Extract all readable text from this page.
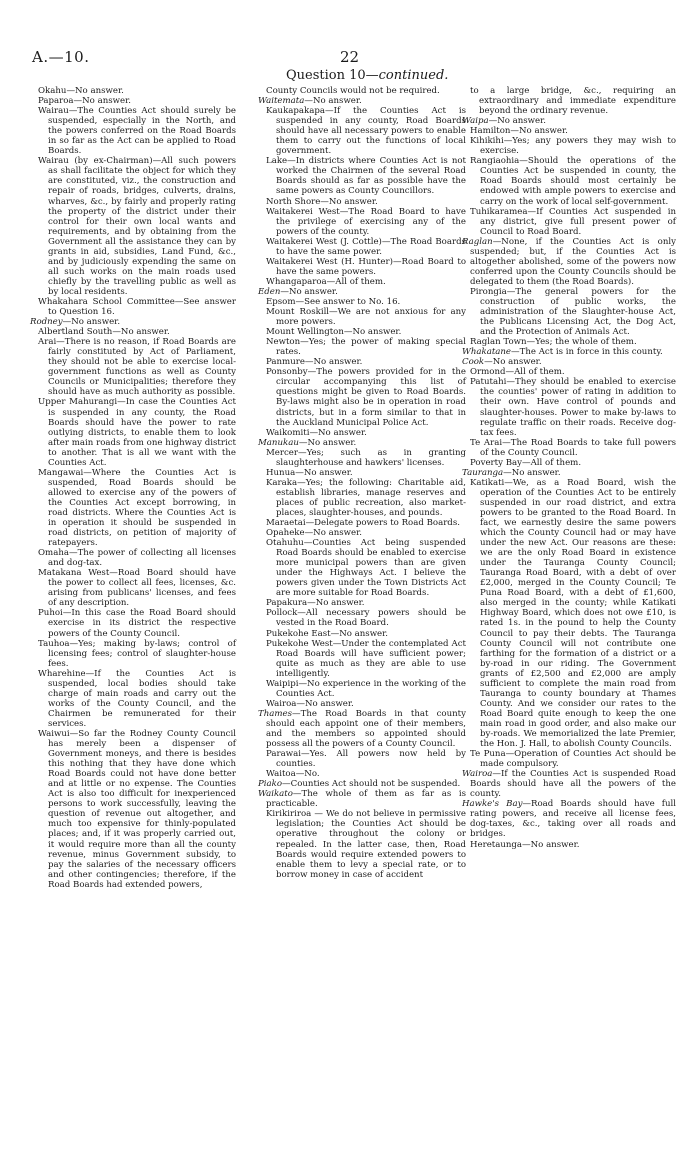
A.—10.	22
Question 10—continued.

Okahu—No answer.

Paparoa—No answer.

Wairau—The Counties Act should surely be suspended, especially in the North, and the powers conferred on the Road Boards in so far as the Act can be applied to Road Boards.

Wairau (by ex-Chairman)—All such powers as shall facilitate the object for which they are constituted, viz., the construction and repair of roads, bridges, culverts, drains, wharves, &c., by fairly and properly rating the property of the district under their control for their own local wants and requirements, and by obtaining from the Government all the assistance they can by grants in aid, subsidies, Land Fund, &c., and by judiciously expending the same on all such works on the main roads used chiefly by the travelling public as well as by local residents.

Whakahara School Committee—See answer to Question 16.

Rodney—No answer.

Albertland South—No answer.

Arai—There is no reason, if Road Boards are fairly constituted by Act of Parliament, they should not be able to exercise local-government functions as well as County Councils or Municipalities; therefore they should have as much authority as possible.

Upper Mahurangi—In case the Counties Act is suspended in any county, the Road Boards should have the power to rate outlying districts, to enable them to look after main roads from one highway district to another. That is all we want with the Counties Act.

Mangawai—Where the Counties Act is suspended, Road Boards should be allowed to exercise any of the powers of the Counties Act except borrowing, in road districts. Where the Counties Act is in operation it should be suspended in road districts, on petition of majority of ratepayers.

Omaha—The power of collecting all licenses and dog-tax.

Matakana West—Road Board should have the power to collect all fees, licenses, &c. arising from publicans' licenses, and fees of any description.

Puhoi—In this case the Road Board should exercise in its district the respective powers of the County Council.

Tauhoa—Yes; making by-laws; control of licensing fees; control of slaughter-house fees.

Wharehine—If the Counties Act is suspended, local bodies should take charge of main roads and carry out the works of the County Council, and the Chairmen be remunerated for their services.

Waiwui—So far the Rodney County Council has merely been a dispenser of Government moneys, and there is besides this nothing that they have done which Road Boards could not have done better and at little or no expense. The Counties Act is also too difficult for inexperienced persons to work successfully, leaving the question of revenue out altogether, and much too expensive for thinly-populated places; and, if it was properly carried out, it would require more than all the county revenue, minus Government subsidy, to pay the salaries of the necessary officers and other contingencies; therefore, if the Road Boards had extended powers,

County Councils would not be required.

Waitemata—No answer.

Kaukapakapa—If the Counties Act is suspended in any county, Road Boards should have all necessary powers to enable them to carry out the functions of local government.

Lake—In districts where Counties Act is not worked the Chairmen of the several Road Boards should as far as possible have the same powers as County Councillors.

North Shore—No answer.

Waitakerei West—The Road Board to have the privilege of exercising any of the powers of the county.

Waitakerei West (J. Cottle)—The Road Boards to have the same power.

Waitakerei West (H. Hunter)—Road Board to have the same powers.

Whangaparoa—All of them.

Eden—No answer.

Epsom—See answer to No. 16.

Mount Roskill—We are not anxious for any more powers.

Mount Wellington—No answer.

Newton—Yes; the power of making special rates.

Panmure—No answer.

Ponsonby—The powers provided for in the circular accompanying this list of questions might be given to Road Boards. By-laws might also be in operation in road districts, but in a form similar to that in the Auckland Municipal Police Act.

Waikomiti—No answer.

Manukau—No answer.

Mercer—Yes; such as in granting slaughterhouse and hawkers' licenses.

Hunua—No answer.

Karaka—Yes; the following: Charitable aid, establish libraries, manage reserves and places of public recreation, also market-places, slaughter-houses, and pounds.

Maraetai—Delegate powers to Road Boards.

Opaheke—No answer.

Otahuhu—Counties Act being suspended Road Boards should be enabled to exercise more municipal powers than are given under the Highways Act. I believe the powers given under the Town Districts Act are more suitable for Road Boards.

Papakura—No answer.

Pollock—All necessary powers should be vested in the Road Board.

Pukekohe East—No answer.

Pukekohe West—Under the contemplated Act Road Boards will have sufficient power; quite as much as they are able to use intelligently.

Waipipi—No experience in the working of the Counties Act.

Wairoa—No answer.

Thames—The Road Boards in that county should each appoint one of their members, and the members so appointed should possess all the powers of a County Council.

Parawai—Yes. All powers now held by counties.

Waitoa—No.

Piako—Counties Act should not be suspended.

Waikato—The whole of them as far as is practicable.

Kirikiriroa — We do not believe in permissive legislation; the Counties Act should be operative throughout the colony or repealed. In the latter case, then, Road Boards would require extended powers to enable them to levy a special rate, or to borrow money in case of accident

to a large bridge, &c., requiring an extraordinary and immediate expenditure beyond the ordinary revenue.

Waipa—No answer.

Hamilton—No answer.

Kihikihi—Yes; any powers they may wish to exercise.

Rangiaohia—Should the operations of the Counties Act be suspended in county, the Road Boards should most certainly be endowed with ample powers to exercise and carry on the work of local self-government.

Tuhikaramea—If Counties Act suspended in any district, give full present power of Council to Road Board.

Raglan—None, if the Counties Act is only suspended; but, if the Counties Act is altogether abolished, some of the powers now conferred upon the County Councils should be delegated to them (the Road Boards).

Pirongia—The general powers for the construction of public works, the administration of the Slaughter-house Act, the Publicans Licensing Act, the Dog Act, and the Protection of Animals Act.

Raglan Town—Yes; the whole of them.

Whakatane—The Act is in force in this county.

Cook—No answer.

Ormond—All of them.

Patutahi—They should be enabled to exercise the counties' power of rating in addition to their own. Have control of pounds and slaughter-houses. Power to make by-laws to regulate traffic on their roads. Receive dog-tax fees.

Te Arai—The Road Boards to take full powers of the County Council.

Poverty Bay—All of them.

Tauranga—No answer.

Katikati—We, as a Road Board, wish the operation of the Counties Act to be entirely suspended in our road district, and extra powers to be granted to the Road Board. In fact, we earnestly desire the same powers which the County Council had or may have under the new Act. Our reasons are these: we are the only Road Board in existence under the Tauranga County Council; Tauranga Road Board, with a debt of over £2,000, merged in the County Council; Te Puna Road Board, with a debt of £1,600, also merged in the county; while Katikati Highway Board, which does not owe £10, is rated 1s. in the pound to help the County Council to pay their debts. The Tauranga County Council will not contribute one farthing for the formation of a district or a by-road in our riding. The Government grants of £2,500 and £2,000 are amply sufficient to complete the main road from Tauranga to county boundary at Thames County. And we consider our rates to the Road Board quite enough to keep the one main road in good order, and also make our by-roads. We memorialized the late Premier, the Hon. J. Hall, to abolish County Councils.

Te Puna—Operation of Counties Act should be made compulsory.

Wairoa—If the Counties Act is suspended Road Boards should have all the powers of the county.

Hawke's Bay—Road Boards should have full rating powers, and receive all license fees, dog-taxes, &c., taking over all roads and bridges.

Heretaunga—No answer.
